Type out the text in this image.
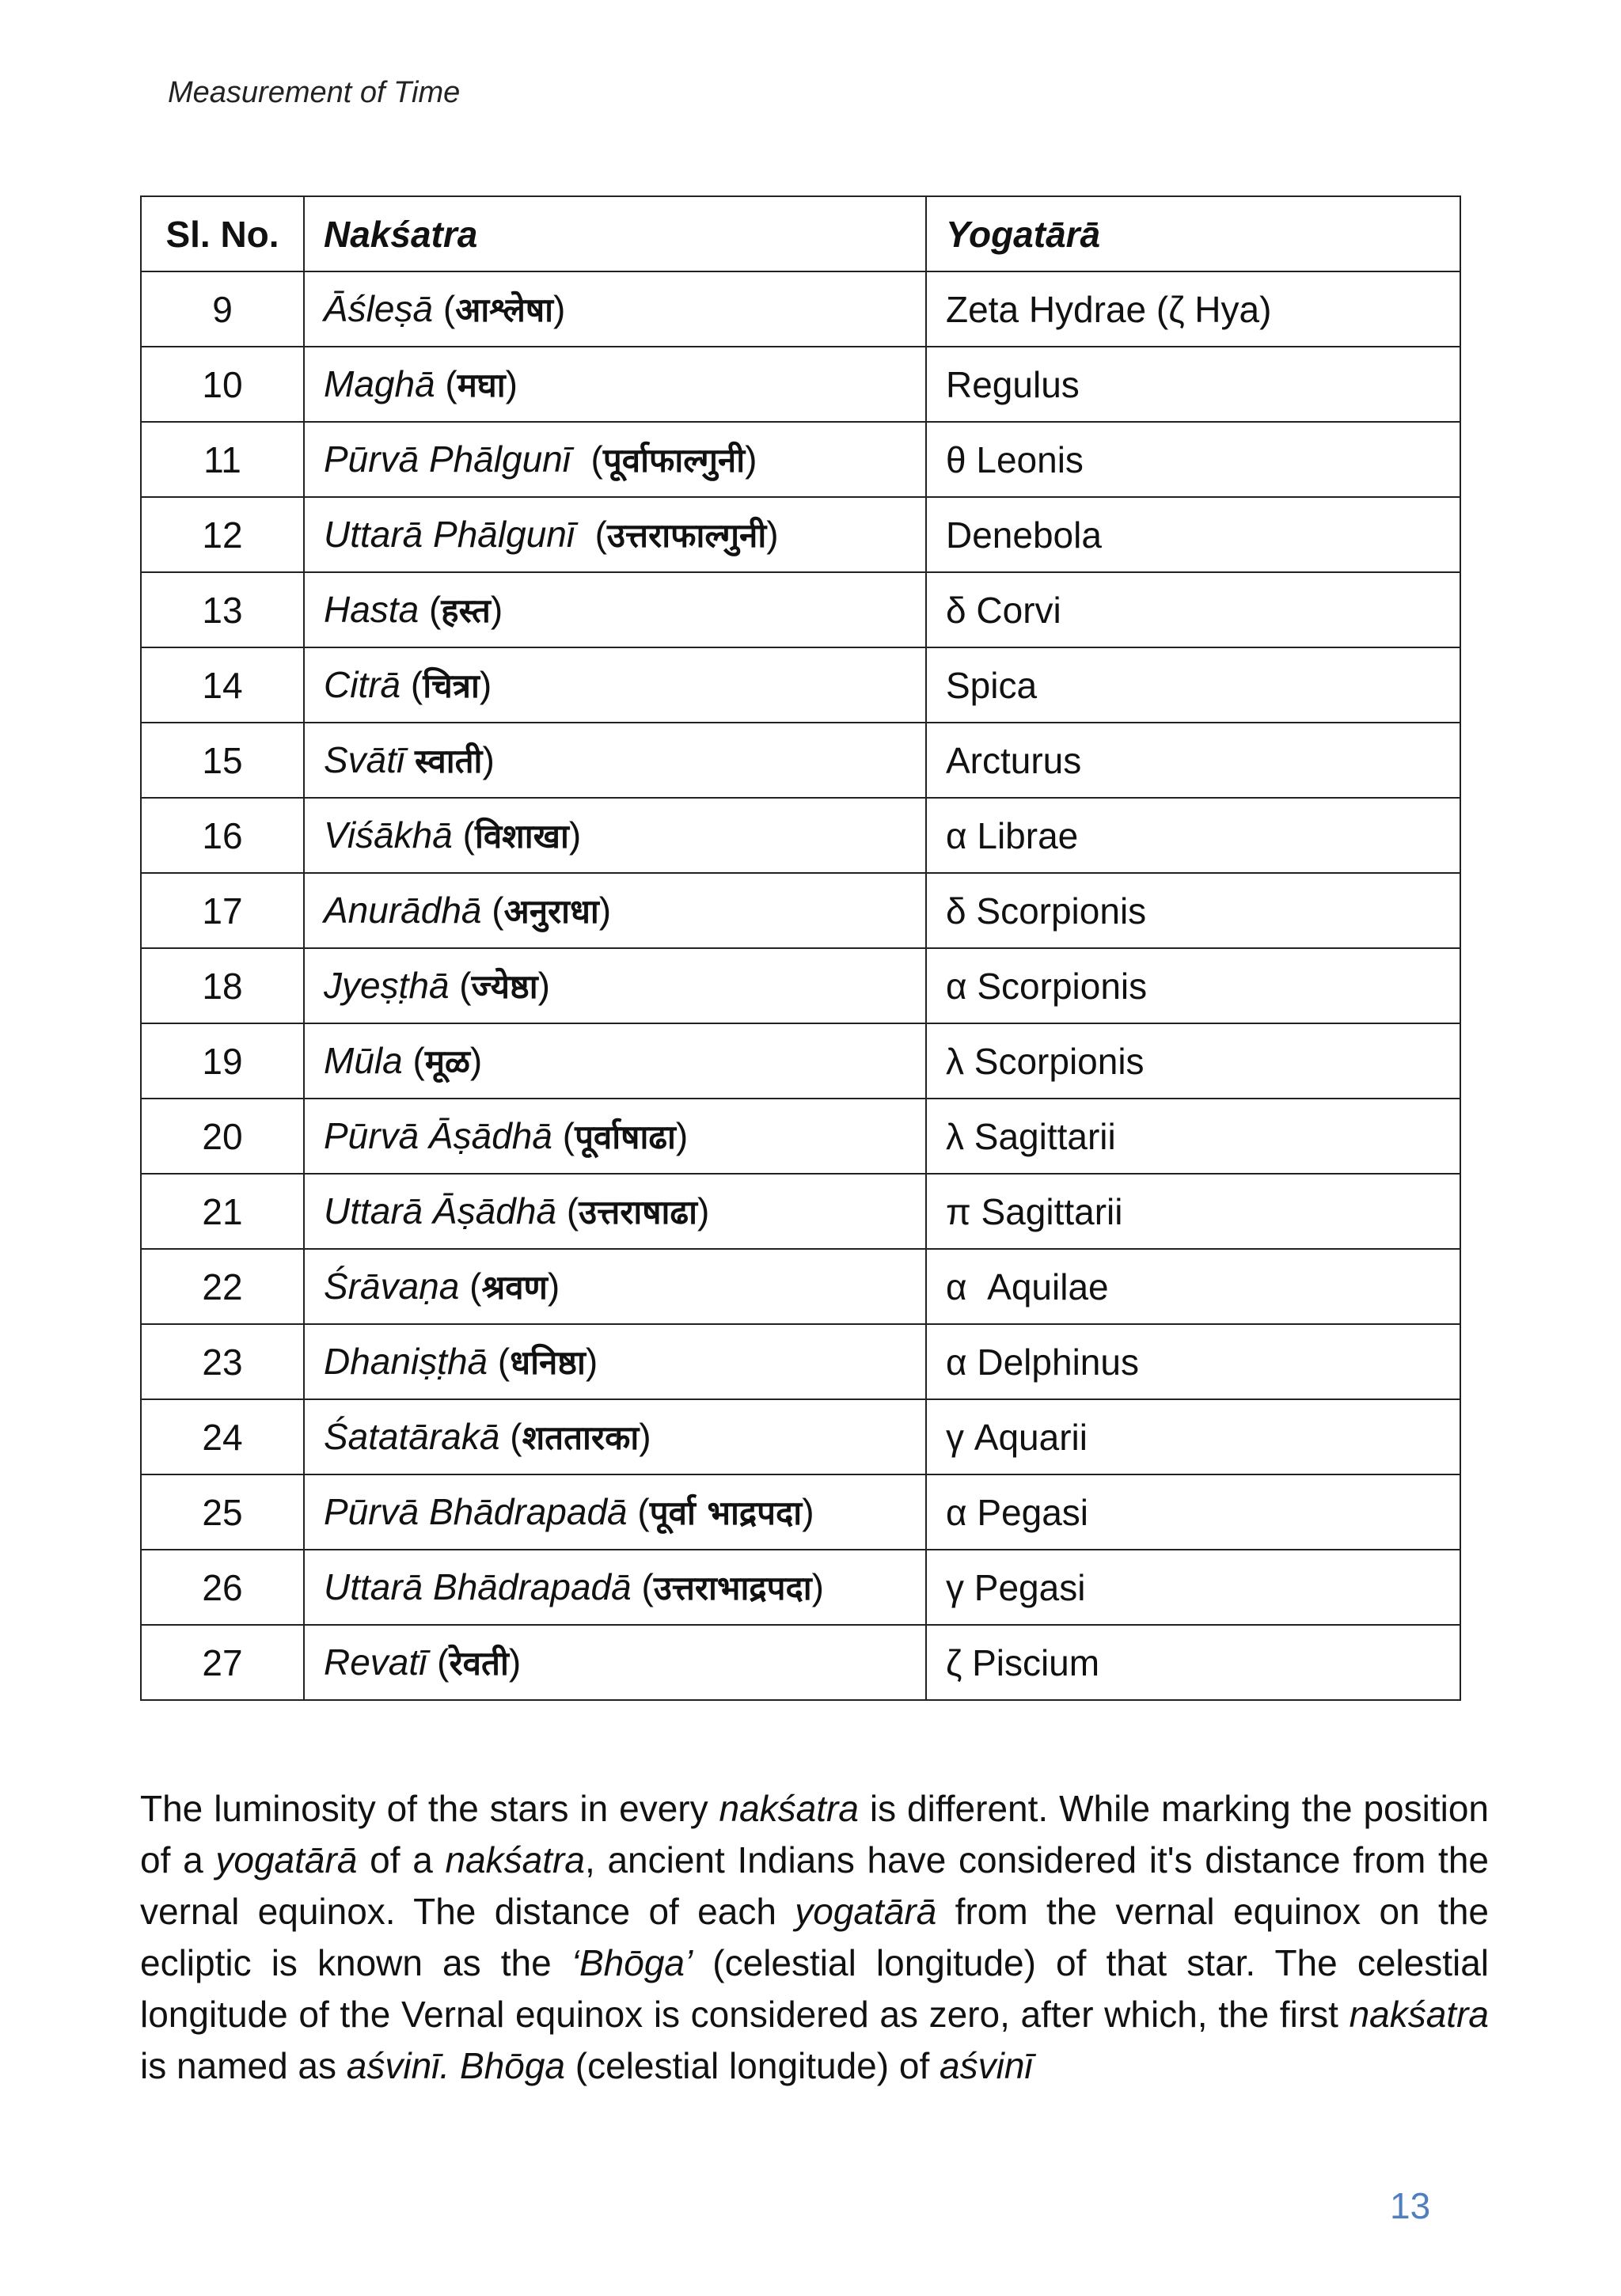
Measurement of Time
Sl. No.	Nakśatra	Yogatārā
9	Āśleṣā (आश्लेषा)	Zeta Hydrae (ζ Hya)
10	Maghā (मघा)	Regulus
11	Pūrvā Phālgunī  (पूर्वाफाल्गुनी)	θ Leonis
12	Uttarā Phālgunī  (उत्तराफाल्गुनी)	Denebola
13	Hasta (हस्त)	δ Corvi
14	Citrā (चित्रा)	Spica
15	Svātī स्वाती)	Arcturus
16	Viśākhā (विशाखा)	α Librae
17	Anurādhā (अनुराधा)	δ Scorpionis
18	Jyeṣṭhā (ज्येष्ठा)	α Scorpionis
19	Mūla (मूळ)	λ Scorpionis
20	Pūrvā Āṣādhā (पूर्वाषाढा)	λ Sagittarii
21	Uttarā Āṣādhā (उत्तराषाढा)	π Sagittarii
22	Śrāvaṇa (श्रवण)	α  Aquilae
23	Dhaniṣṭhā (धनिष्ठा)	α Delphinus
24	Śatatārakā (शततारका)	γ Aquarii
25	Pūrvā Bhādrapadā (पूर्वा भाद्रपदा)	α Pegasi
26	Uttarā Bhādrapadā (उत्तराभाद्रपदा)	γ Pegasi
27	Revatī (रेवती)	ζ Piscium

The luminosity of the stars in every nakśatra is different. While marking the position of a yogatārā of a nakśatra, ancient Indians have considered it's distance from the vernal equinox. The distance of each yogatārā from the vernal equinox on the ecliptic is known as the ‘Bhōga’ (celestial longitude) of that star. The celestial longitude of the Vernal equinox is considered as zero, after which, the first nakśatra is named as aśvinī. Bhōga (celestial longitude) of aśvinī

13
